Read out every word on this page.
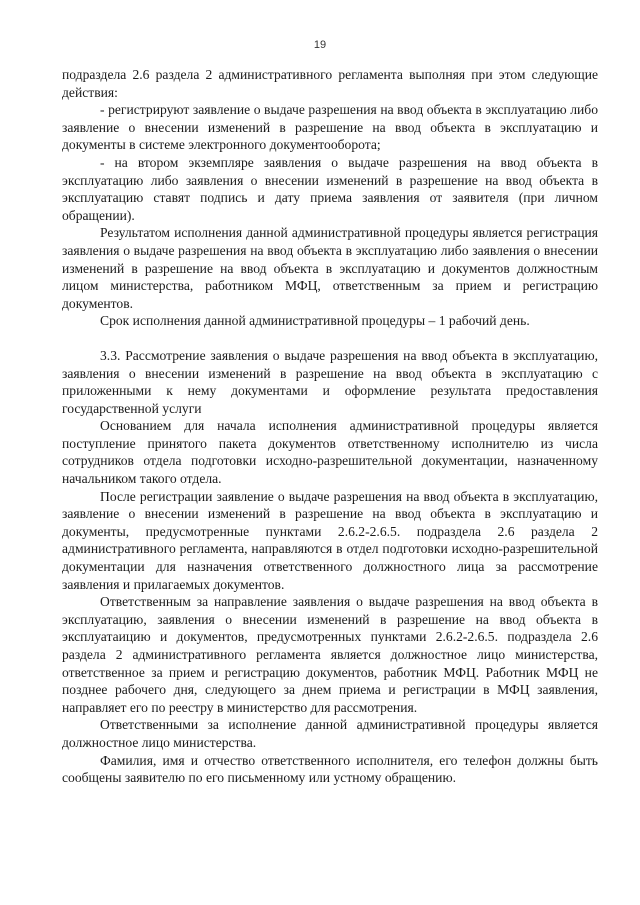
19

подраздела 2.6 раздела 2 административного регламента выполняя при этом следующие действия:

- регистрируют заявление о выдаче разрешения на ввод объекта в эксплуатацию либо заявление о внесении изменений в разрешение на ввод объекта в эксплуатацию и документы в системе электронного документооборота;

- на втором экземпляре заявления о выдаче разрешения на ввод объекта в эксплуатацию либо заявления о внесении изменений в разрешение на ввод объекта в эксплуатацию ставят подпись и дату приема заявления от заявителя (при личном обращении).

Результатом исполнения данной административной процедуры является регистрация заявления о выдаче разрешения на ввод объекта в эксплуатацию либо заявления о внесении изменений в разрешение на ввод объекта в эксплуатацию и документов должностным лицом министерства, работником МФЦ, ответственным за прием и регистрацию документов.

Срок исполнения данной административной процедуры – 1 рабочий день.

3.3. Рассмотрение заявления о выдаче разрешения на ввод объекта в эксплуатацию, заявления о внесении изменений в разрешение на ввод объекта в эксплуатацию с приложенными к нему документами и оформление результата предоставления государственной услуги

Основанием для начала исполнения административной процедуры является поступление принятого пакета документов ответственному исполнителю из числа сотрудников отдела подготовки исходно-разрешительной документации, назначенному начальником такого отдела.

После регистрации заявление о выдаче разрешения на ввод объекта в эксплуатацию, заявление о внесении изменений в разрешение на ввод объекта в эксплуатацию и документы, предусмотренные пунктами 2.6.2-2.6.5. подраздела 2.6 раздела 2 административного регламента, направляются в отдел подготовки исходно-разрешительной документации для назначения ответственного должностного лица за рассмотрение заявления и прилагаемых документов.

Ответственным за направление заявления о выдаче разрешения на ввод объекта в эксплуатацию, заявления о внесении изменений в разрешение на ввод объекта в эксплуатаицию и документов, предусмотренных пунктами 2.6.2-2.6.5. подраздела 2.6 раздела 2 административного регламента является должностное лицо министерства, ответственное за прием и регистрацию документов, работник МФЦ. Работник МФЦ не позднее рабочего дня, следующего за днем приема и регистрации в МФЦ заявления, направляет его по реестру в министерство для рассмотрения.

Ответственными за исполнение данной административной процедуры является должностное лицо министерства.

Фамилия, имя и отчество ответственного исполнителя, его телефон должны быть сообщены заявителю по его письменному или устному обращению.
